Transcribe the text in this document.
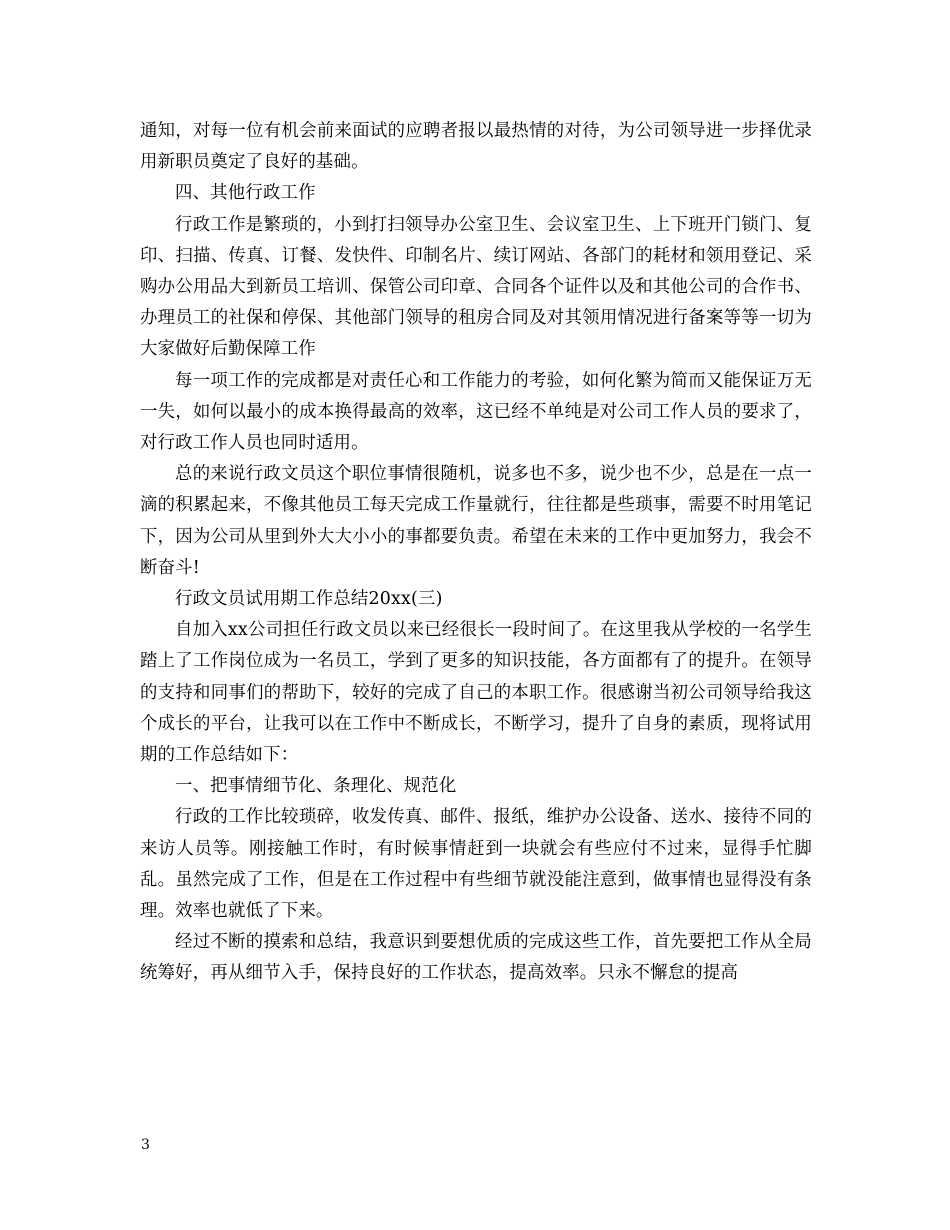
通知，对每一位有机会前来面试的应聘者报以最热情的对待，为公司领导进一步择优录用新职员奠定了良好的基础。

四、其他行政工作

行政工作是繁琐的，小到打扫领导办公室卫生、会议室卫生、上下班开门锁门、复印、扫描、传真、订餐、发快件、印制名片、续订网站、各部门的耗材和领用登记、采购办公用品大到新员工培训、保管公司印章、合同各个证件以及和其他公司的合作书、办理员工的社保和停保、其他部门领导的租房合同及对其领用情况进行备案等等一切为大家做好后勤保障工作

每一项工作的完成都是对责任心和工作能力的考验，如何化繁为简而又能保证万无一失，如何以最小的成本换得最高的效率，这已经不单纯是对公司工作人员的要求了，对行政工作人员也同时适用。

总的来说行政文员这个职位事情很随机，说多也不多，说少也不少，总是在一点一滴的积累起来，不像其他员工每天完成工作量就行，往往都是些琐事，需要不时用笔记下，因为公司从里到外大大小小的事都要负责。希望在未来的工作中更加努力，我会不断奋斗!

行政文员试用期工作总结20xx(三)

自加入xx公司担任行政文员以来已经很长一段时间了。在这里我从学校的一名学生踏上了工作岗位成为一名员工，学到了更多的知识技能，各方面都有了的提升。在领导的支持和同事们的帮助下，较好的完成了自己的本职工作。很感谢当初公司领导给我这个成长的平台，让我可以在工作中不断成长，不断学习，提升了自身的素质，现将试用期的工作总结如下：

一、把事情细节化、条理化、规范化

行政的工作比较琐碎，收发传真、邮件、报纸，维护办公设备、送水、接待不同的来访人员等。刚接触工作时，有时候事情赶到一块就会有些应付不过来，显得手忙脚乱。虽然完成了工作，但是在工作过程中有些细节就没能注意到，做事情也显得没有条理。效率也就低了下来。

经过不断的摸索和总结，我意识到要想优质的完成这些工作，首先要把工作从全局统筹好，再从细节入手，保持良好的工作状态，提高效率。只永不懈怠的提高

3
